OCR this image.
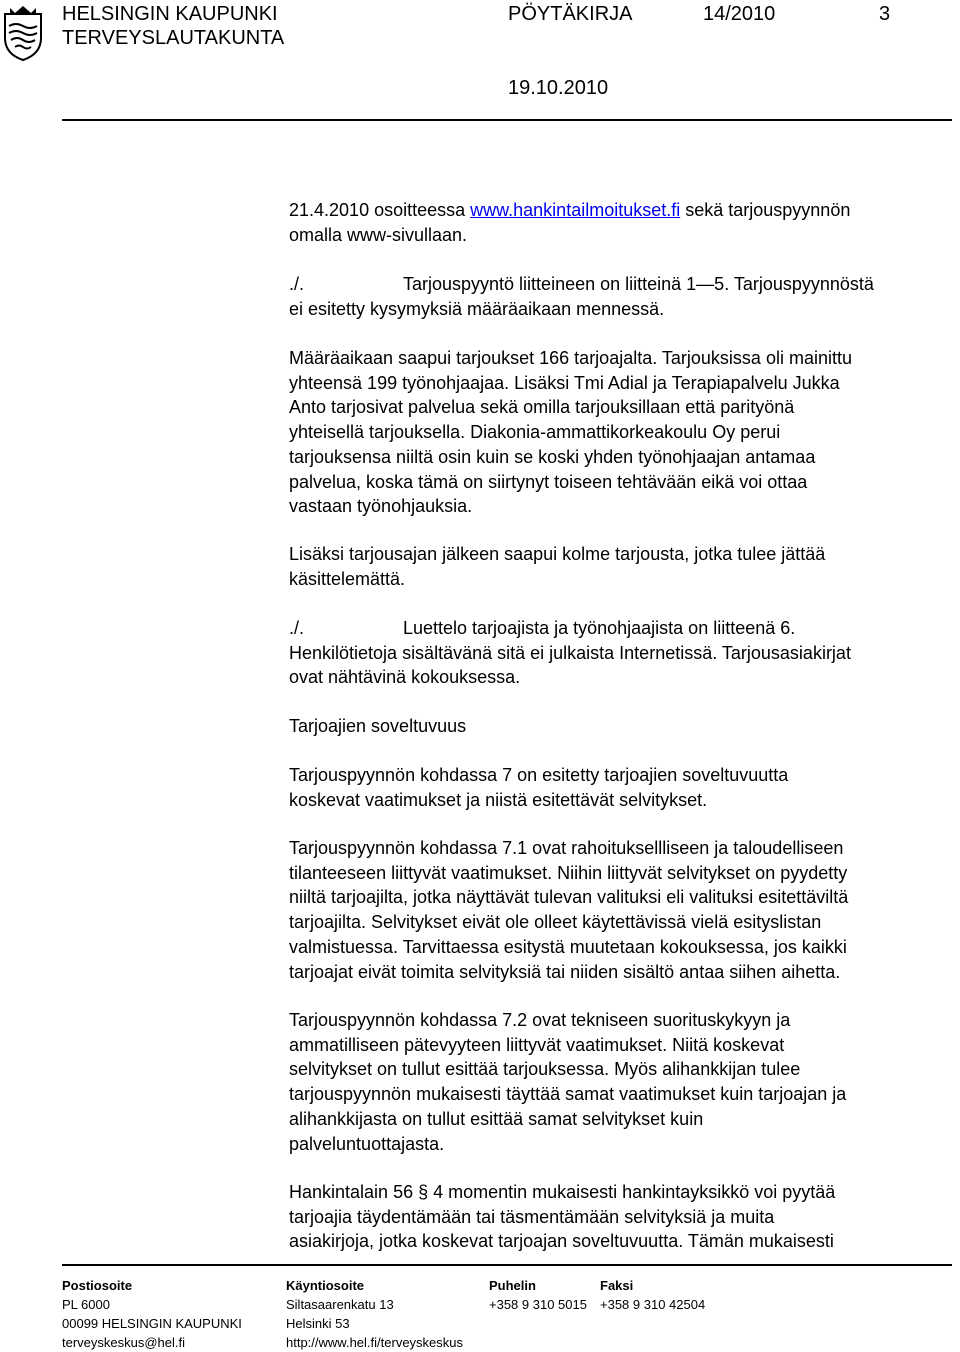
HELSINGIN KAUPUNKI
TERVEYSLAUTAKUNTA
PÖYTÄKIRJA	14/2010	3
19.10.2010
21.4.2010 osoitteessa www.hankintailmoitukset.fi sekä tarjouspyynnön
omalla www-sivullaan.
./.	Tarjouspyyntö liitteineen on liitteinä 1—5. Tarjouspyynnöstä
ei esitetty kysymyksiä määräaikaan mennessä.
Määräaikaan saapui tarjoukset 166 tarjoajalta. Tarjouksissa oli mainittu
yhteensä 199 työnohjaajaa. Lisäksi Tmi Adial ja Terapiapalvelu Jukka
Anto tarjosivat palvelua sekä omilla tarjouksillaan että parityönä
yhteisellä tarjouksella. Diakonia-ammattikorkeakoulu Oy perui
tarjouksensa niiltä osin kuin se koski yhden työnohjaajan antamaa
palvelua, koska tämä on siirtynyt toiseen tehtävään eikä voi ottaa
vastaan työnohjauksia.
Lisäksi tarjousajan jälkeen saapui kolme tarjousta, jotka tulee jättää
käsittelemättä.
./.	Luettelo tarjoajista ja työnohjaajista on liitteenä 6.
Henkilötietoja sisältävänä sitä ei julkaista Internetissä. Tarjousasiakirjat
ovat nähtävinä kokouksessa.
Tarjoajien soveltuvuus
Tarjouspyynnön kohdassa 7 on esitetty tarjoajien soveltuvuutta
koskevat vaatimukset ja niistä esitettävät selvitykset.
Tarjouspyynnön kohdassa 7.1 ovat rahoituksellliseen ja taloudelliseen
tilanteeseen liittyvät vaatimukset. Niihin liittyvät selvitykset on pyydetty
niiltä tarjoajilta, jotka näyttävät tulevan valituksi eli valituksi esitettäviltä
tarjoajilta. Selvitykset eivät ole olleet käytettävissä vielä esityslistan
valmistuessa. Tarvittaessa esitystä muutetaan kokouksessa, jos kaikki
tarjoajat eivät toimita selvityksiä tai niiden sisältö antaa siihen aihetta.
Tarjouspyynnön kohdassa 7.2 ovat tekniseen suorituskykyyn ja
ammatilliseen pätevyyteen liittyvät vaatimukset. Niitä koskevat
selvitykset on tullut esittää tarjouksessa. Myös alihankkijan tulee
tarjouspyynnön mukaisesti täyttää samat vaatimukset kuin tarjoajan ja
alihankkijasta on tullut esittää samat selvitykset kuin
palveluntuottajasta.
Hankintalain 56 § 4 momentin mukaisesti hankintayksikkö voi pyytää
tarjoajia täydentämään tai täsmentämään selvityksiä ja muita
asiakirjoja, jotka koskevat tarjoajan soveltuvuutta. Tämän mukaisesti
Postiosoite
PL 6000
00099 HELSINGIN KAUPUNKI
terveyskeskus@hel.fi
Käyntiosoite
Siltasaarenkatu 13
Helsinki 53
http://www.hel.fi/terveyskeskus
Puhelin
+358 9 310 5015
Faksi
+358 9 310 42504
